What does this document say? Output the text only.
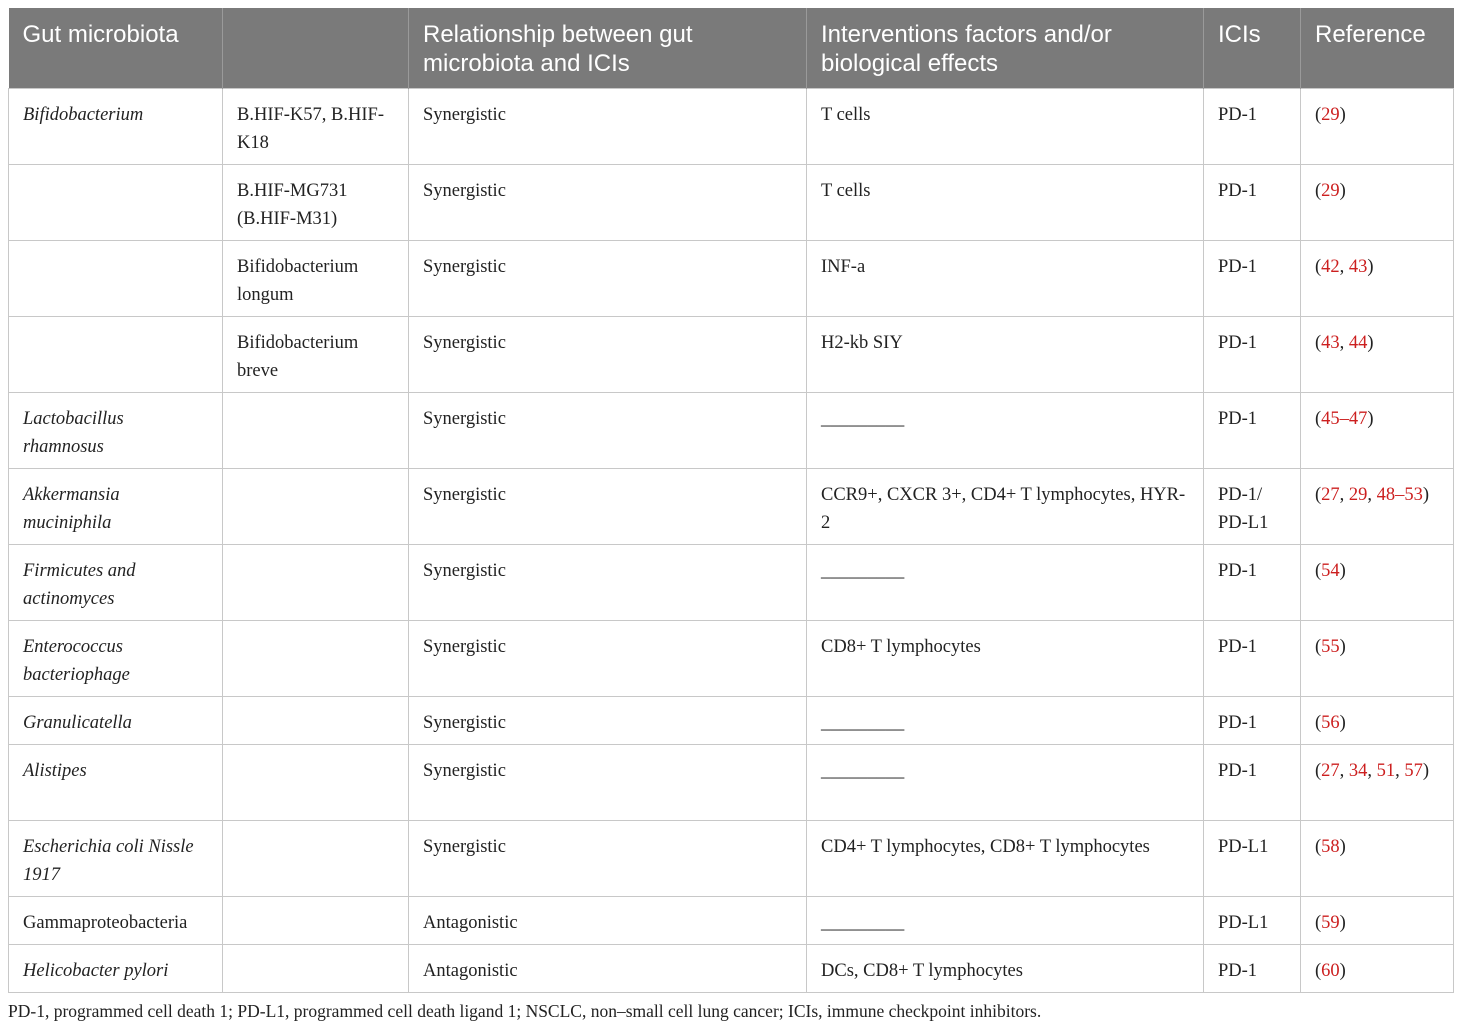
Gut microbiota		Relationship between gut microbiota and ICIs	Interventions factors and/or biological effects	ICIs	Reference
Bifidobacterium	B.HIF-K57, B.HIF-K18	Synergistic	T cells	PD-1	(29)
	B.HIF-MG731 (B.HIF-M31)	Synergistic	T cells	PD-1	(29)
	Bifidobacterium longum	Synergistic	INF-a	PD-1	(42, 43)
	Bifidobacterium breve	Synergistic	H2-kb SIY	PD-1	(43, 44)
Lactobacillus rhamnosus		Synergistic	_________	PD-1	(45–47)
Akkermansia muciniphila		Synergistic	CCR9+, CXCR 3+, CD4+ T lymphocytes, HYR-2	PD-1/ PD-L1	(27, 29, 48–53)
Firmicutes and actinomyces		Synergistic	_________	PD-1	(54)
Enterococcus bacteriophage		Synergistic	CD8+ T lymphocytes	PD-1	(55)
Granulicatella		Synergistic	_________	PD-1	(56)
Alistipes		Synergistic	_________	PD-1	(27, 34, 51, 57)
Escherichia coli Nissle 1917		Synergistic	CD4+ T lymphocytes, CD8+ T lymphocytes	PD-L1	(58)
Gammaproteobacteria		Antagonistic	_________	PD-L1	(59)
Helicobacter pylori		Antagonistic	DCs, CD8+ T lymphocytes	PD-1	(60)
PD-1, programmed cell death 1; PD-L1, programmed cell death ligand 1; NSCLC, non–small cell lung cancer; ICIs, immune checkpoint inhibitors.
